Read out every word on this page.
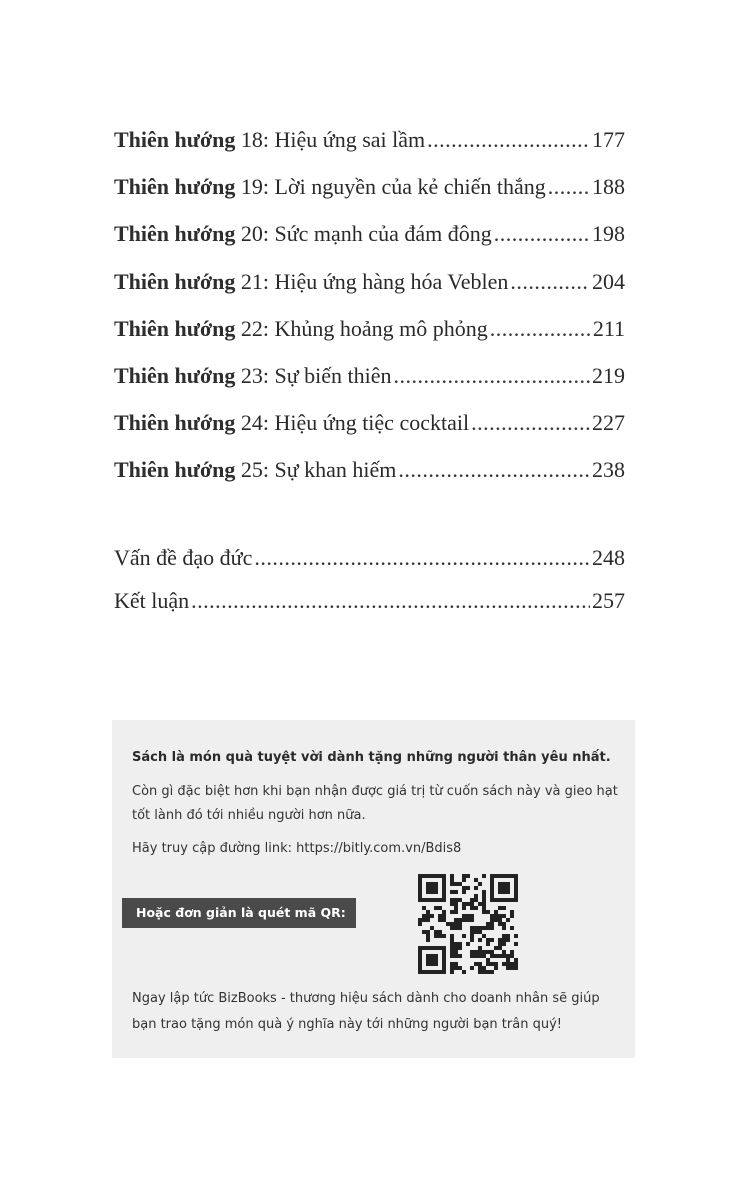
Thiên hướng 18: Hiệu ứng sai lầm .....	177
Thiên hướng 19: Lời nguyền của kẻ chiến thắng ..... 188
Thiên hướng 20: Sức mạnh của đám đông .....	198
Thiên hướng 21: Hiệu ứng hàng hóa Veblen .....	204
Thiên hướng 22: Khủng hoảng mô phỏng .....	211
Thiên hướng 23: Sự biến thiên .....	219
Thiên hướng 24: Hiệu ứng tiệc cocktail .....	227
Thiên hướng 25: Sự khan hiếm .....	238
Vấn đề đạo đức .....	248
Kết luận .....	257
Sách là món quà tuyệt vời dành tặng những người thân yêu nhất.
Còn gì đặc biệt hơn khi bạn nhận được giá trị từ cuốn sách này và gieo hạt tốt lành đó tới nhiều người hơn nữa.
Hãy truy cập đường link: https://bitly.com.vn/Bdis8
Hoặc đơn giản là quét mã QR:
Ngay lập tức BizBooks - thương hiệu sách dành cho doanh nhân sẽ giúp bạn trao tặng món quà ý nghĩa này tới những người bạn trân quý!
